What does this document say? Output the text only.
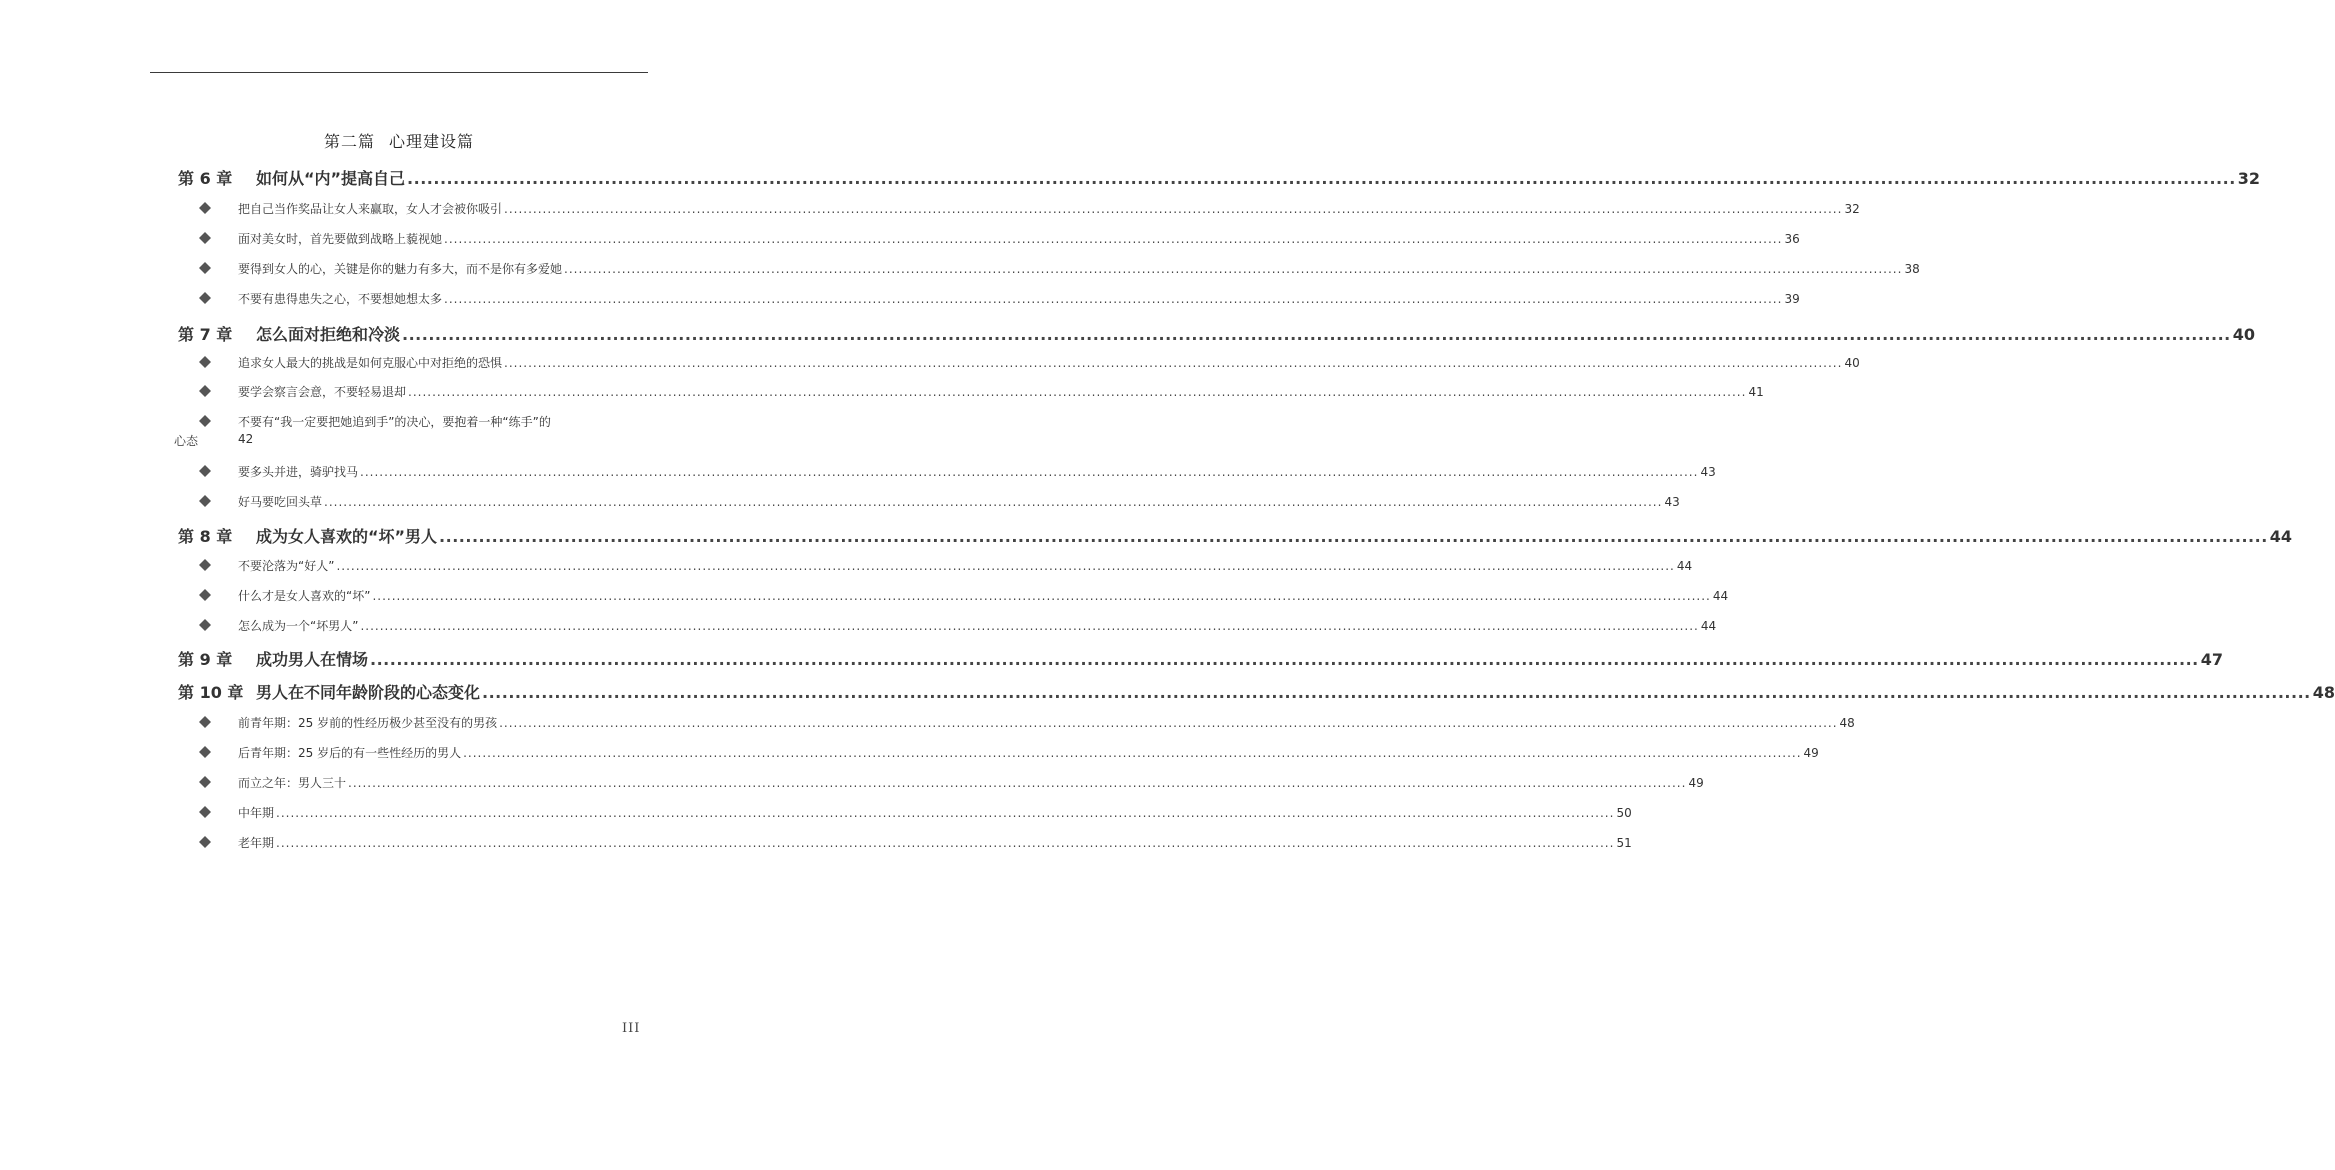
第二篇 心理建设篇
第 6 章	如何从“内”提高自己 ...................................................................................................................................................................................................................................................................................... 32
把自己当作奖品让女人来赢取，女人才会被你吸引 ...................................................................................................................................................................................................................................................................................... 32
面对美女时，首先要做到战略上藐视她 ...................................................................................................................................................................................................................................................................................... 36
要得到女人的心，关键是你的魅力有多大，而不是你有多爱她 ...................................................................................................................................................................................................................................................................................... 38
不要有患得患失之心，不要想她想太多 ...................................................................................................................................................................................................................................................................................... 39
第 7 章	怎么面对拒绝和冷淡 ...................................................................................................................................................................................................................................................................................... 40
追求女人最大的挑战是如何克服心中对拒绝的恐惧 ...................................................................................................................................................................................................................................................................................... 40
要学会察言会意，不要轻易退却 ...................................................................................................................................................................................................................................................................................... 41
不要有“我一定要把她追到手”的决心，要抱着一种“练手”的
心态	42
要多头并进，骑驴找马 ...................................................................................................................................................................................................................................................................................... 43
好马要吃回头草 ...................................................................................................................................................................................................................................................................................... 43
第 8 章	成为女人喜欢的“坏”男人 ...................................................................................................................................................................................................................................................................................... 44
不要沦落为“好人” ...................................................................................................................................................................................................................................................................................... 44
什么才是女人喜欢的“坏” ...................................................................................................................................................................................................................................................................................... 44
怎么成为一个“坏男人” ...................................................................................................................................................................................................................................................................................... 44
第 9 章	成功男人在情场 ...................................................................................................................................................................................................................................................................................... 47
第 10 章 男人在不同年龄阶段的心态变化 ...................................................................................................................................................................................................................................................................................... 48
前青年期：25 岁前的性经历极少甚至没有的男孩 ...................................................................................................................................................................................................................................................................................... 48
后青年期：25 岁后的有一些性经历的男人 ...................................................................................................................................................................................................................................................................................... 49
而立之年：男人三十 ...................................................................................................................................................................................................................................................................................... 49
中年期 ...................................................................................................................................................................................................................................................................................... 50
老年期 ...................................................................................................................................................................................................................................................................................... 51
III
